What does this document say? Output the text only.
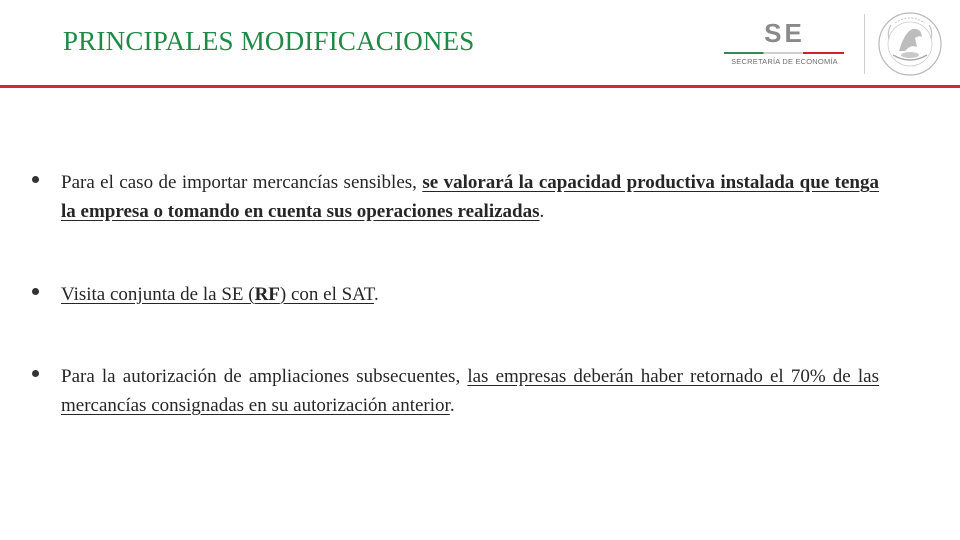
PRINCIPALES MODIFICACIONES	SE
SECRETARÍA DE ECONOMÍA
Para el caso de importar mercancías sensibles, se valorará la capacidad productiva instalada que tenga la empresa o tomando en cuenta sus operaciones realizadas.
Visita conjunta de la SE (RF) con el SAT.
Para la autorización de ampliaciones subsecuentes, las empresas deberán haber retornado el 70% de las mercancías consignadas en su autorización anterior.
